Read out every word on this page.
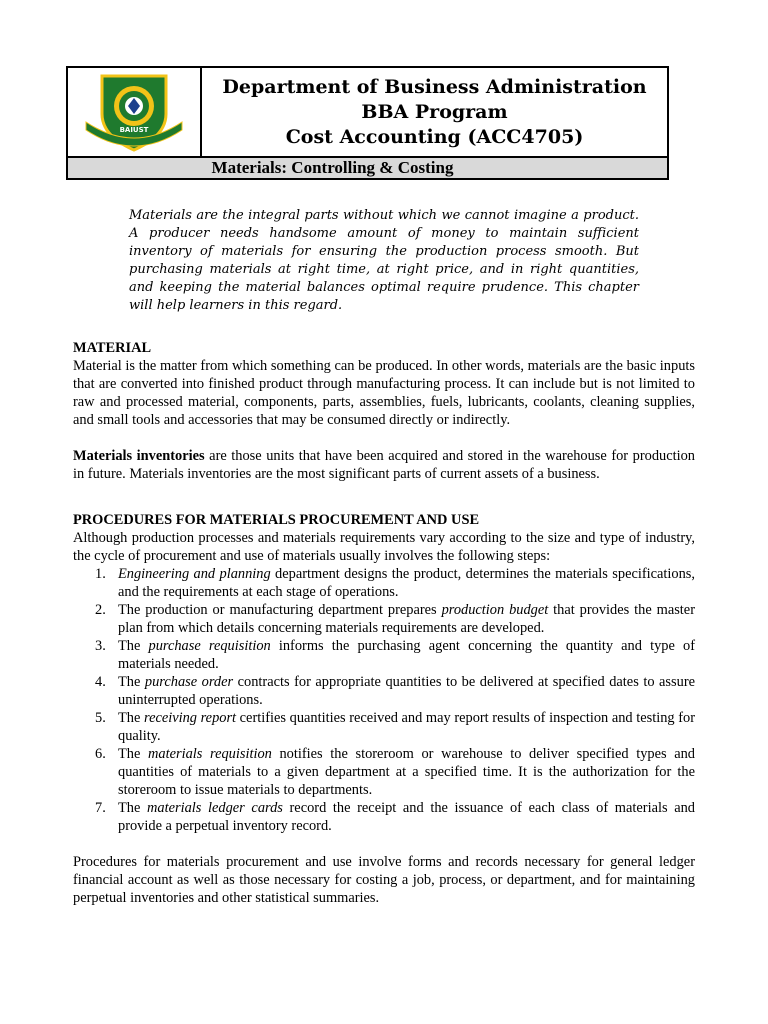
BAIUST
Department of Business Administration
BBA Program
Cost Accounting (ACC4705)
Materials: Controlling & Costing
Materials are the integral parts without which we cannot imagine a product. A producer needs handsome amount of money to maintain sufficient inventory of materials for ensuring the production process smooth. But purchasing materials at right time, at right price, and in right quantities, and keeping the material balances optimal require prudence. This chapter will help learners in this regard.

MATERIAL

Material is the matter from which something can be produced. In other words, materials are the basic inputs that are converted into finished product through manufacturing process. It can include but is not limited to raw and processed material, components, parts, assemblies, fuels, lubricants, coolants, cleaning supplies, and small tools and accessories that may be consumed directly or indirectly.

Materials inventories are those units that have been acquired and stored in the warehouse for production in future. Materials inventories are the most significant parts of current assets of a business.

PROCEDURES FOR MATERIALS PROCUREMENT AND USE

Although production processes and materials requirements vary according to the size and type of industry, the cycle of procurement and use of materials usually involves the following steps:

1. Engineering and planning department designs the product, determines the materials specifications, and the requirements at each stage of operations.
2. The production or manufacturing department prepares production budget that provides the master plan from which details concerning materials requirements are developed.
3. The purchase requisition informs the purchasing agent concerning the quantity and type of materials needed.
4. The purchase order contracts for appropriate quantities to be delivered at specified dates to assure uninterrupted operations.
5. The receiving report certifies quantities received and may report results of inspection and testing for quality.
6. The materials requisition notifies the storeroom or warehouse to deliver specified types and quantities of materials to a given department at a specified time. It is the authorization for the storeroom to issue materials to departments.
7. The materials ledger cards record the receipt and the issuance of each class of materials and provide a perpetual inventory record.

Procedures for materials procurement and use involve forms and records necessary for general ledger financial account as well as those necessary for costing a job, process, or department, and for maintaining perpetual inventories and other statistical summaries.
